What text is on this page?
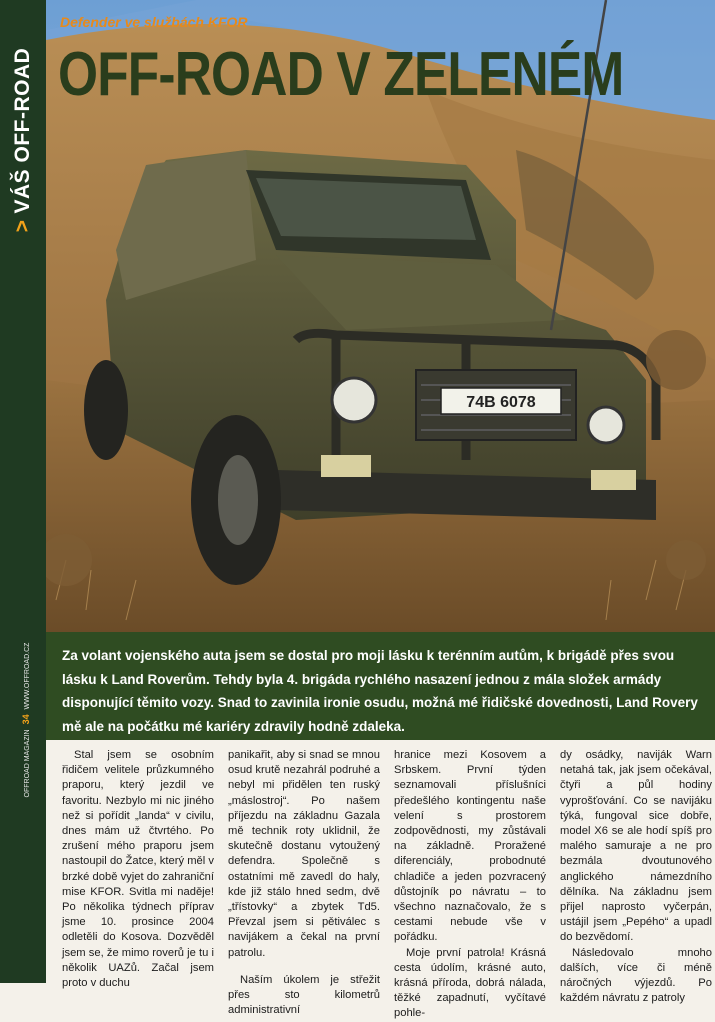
>VÁŠ OFF-ROAD
OFFROAD MAGAZIN 34 WWW.OFFROAD.CZ
74B 6078
Defender ve službách KFOR
OFF-ROAD V ZELENÉM

Za volant vojenského auta jsem se dostal pro moji lásku k terénním autům, k brigádě přes svou lásku k Land Roverům. Tehdy byla 4. brigáda rychlého nasazení jednou z mála složek armády disponující těmito vozy. Snad to zavinila ironie osudu, možná mé řidičské dovednosti, Land Rovery mě ale na počátku mé kariéry zdravily hodně zdaleka.

Stal jsem se osobním řidičem velitele průzkumného praporu, který jezdil ve favoritu. Nezbylo mi nic jiného než si pořídit „landa“ v civilu, dnes mám už čtvrtého. Po zrušení mého praporu jsem nastoupil do Žatce, který měl v brzké době vyjet do zahraniční mise KFOR. Svitla mi naděje! Po několika týdnech příprav jsme 10. prosince 2004 odletěli do Kosova. Dozvěděl jsem se, že mimo roverů je tu i několik UAZů. Začal jsem proto v duchu

panikařit, aby si snad se mnou osud krutě nezahrál podruhé a nebyl mi přidělen ten ruský „máslostroj“. Po našem příjezdu na základnu Gazala mě technik roty uklidnil, že skutečně dostanu vytoužený defendra. Společně s ostatními mě zavedl do haly, kde již stálo hned sedm, dvě „třístovky“ a zbytek Td5. Převzal jsem si pětiválec s navijákem a čekal na první patrolu.

Naším úkolem je střežit přes sto kilometrů administrativní

hranice mezi Kosovem a Srbskem. První týden seznamovali příslušníci předešlého kontingentu naše velení s prostorem zodpovědnosti, my zůstávali na základně. Proražené diferenciály, probodnuté chladiče a jeden pozvracený důstojník po návratu – to všechno naznačovalo, že s cestami nebude vše v pořádku.

Moje první patrola! Krásná cesta údolím, krásné auto, krásná příroda, dobrá nálada, těžké zapadnutí, vyčítavé pohle-

dy osádky, naviják Warn netahá tak, jak jsem očekával, čtyři a půl hodiny vyprošťování. Co se navijáku týká, fungoval sice dobře, model X6 se ale hodí spíš pro malého samuraje a ne pro bezmála dvoutunového anglického námezdního dělníka. Na základnu jsem přijel naprosto vyčerpán, ustájil jsem „Pepého“ a upadl do bezvědomí.

Následovalo mnoho dalších, více či méně náročných výjezdů. Po každém návratu z patroly
